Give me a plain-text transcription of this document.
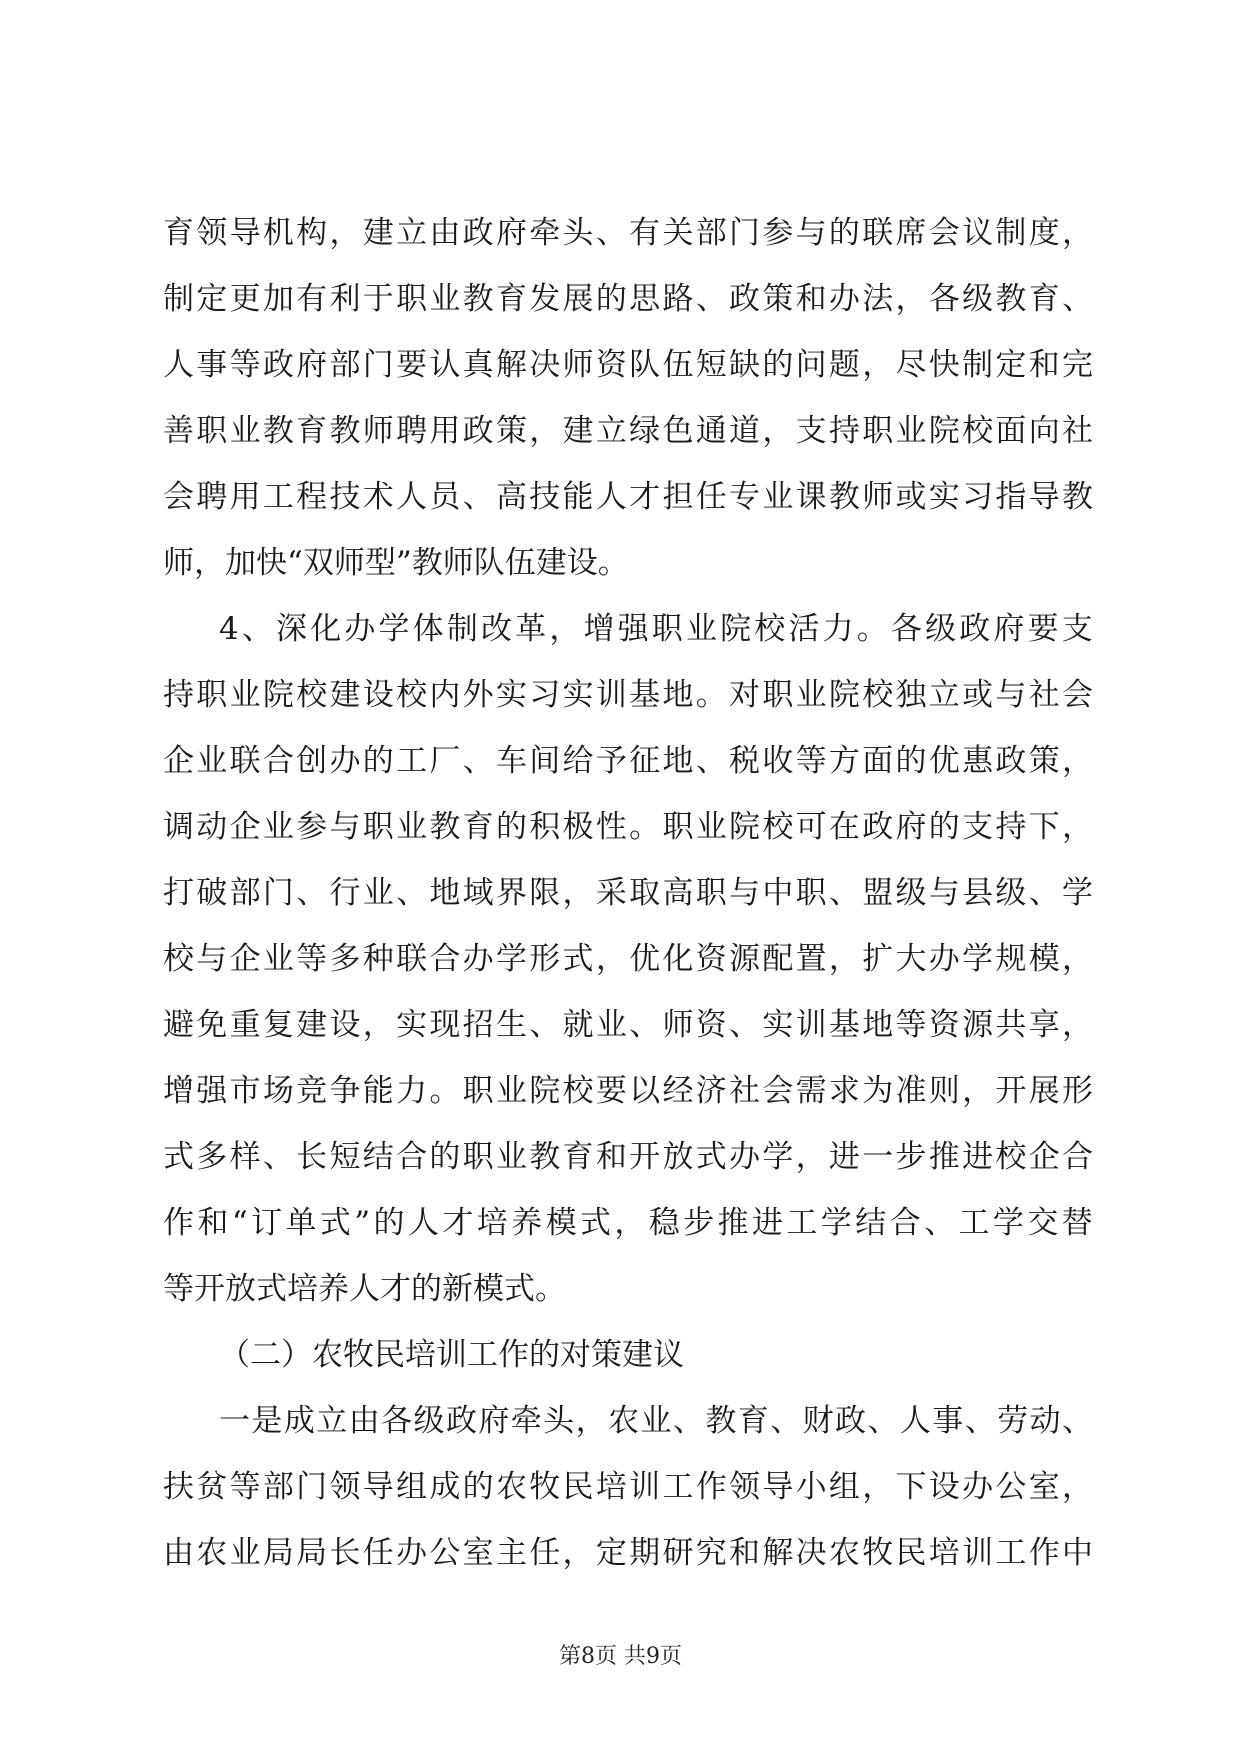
育领导机构，建立由政府牵头、有关部门参与的联席会议制度，
制定更加有利于职业教育发展的思路、政策和办法，各级教育、
人事等政府部门要认真解决师资队伍短缺的问题，尽快制定和完
善职业教育教师聘用政策，建立绿色通道，支持职业院校面向社
会聘用工程技术人员、高技能人才担任专业课教师或实习指导教
师，加快“双师型”教师队伍建设。
4、深化办学体制改革，增强职业院校活力。各级政府要支
持职业院校建设校内外实习实训基地。对职业院校独立或与社会
企业联合创办的工厂、车间给予征地、税收等方面的优惠政策，
调动企业参与职业教育的积极性。职业院校可在政府的支持下，
打破部门、行业、地域界限，采取高职与中职、盟级与县级、学
校与企业等多种联合办学形式，优化资源配置，扩大办学规模，
避免重复建设，实现招生、就业、师资、实训基地等资源共享，
增强市场竞争能力。职业院校要以经济社会需求为准则，开展形
式多样、长短结合的职业教育和开放式办学，进一步推进校企合
作和“订单式”的人才培养模式，稳步推进工学结合、工学交替
等开放式培养人才的新模式。
（二）农牧民培训工作的对策建议
一是成立由各级政府牵头，农业、教育、财政、人事、劳动、
扶贫等部门领导组成的农牧民培训工作领导小组，下设办公室，
由农业局局长任办公室主任，定期研究和解决农牧民培训工作中
第8页 共9页
